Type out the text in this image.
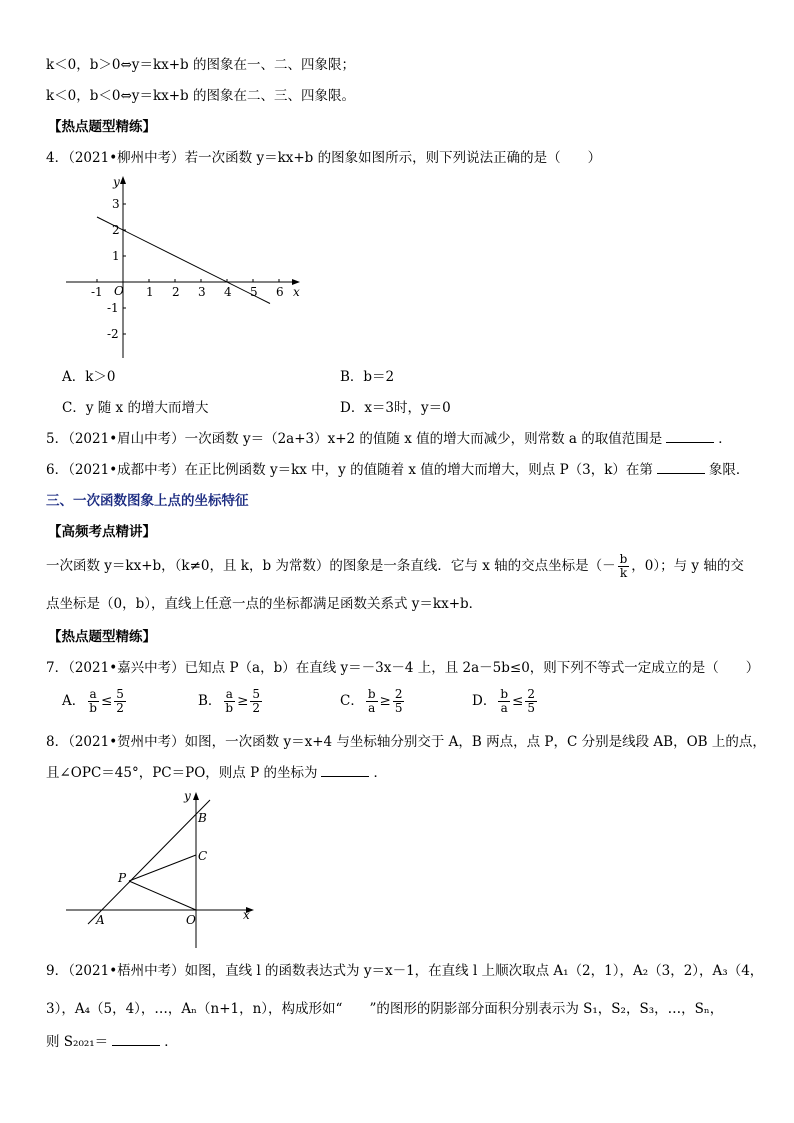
k＜0，b＞0⇔y＝kx+b 的图象在一、二、四象限；
k＜0，b＜0⇔y＝kx+b 的图象在二、三、四象限。
【热点题型精练】
4．（2021•柳州中考）若一次函数 y＝kx+b 的图象如图所示，则下列说法正确的是（　　）
-1	1 2 3 4 5 6
3
2
1
-1
-2
O	x
y
A．k＞0	B．b＝2
C．y 随 x 的增大而增大	D．x＝3时，y＝0
5．（2021•眉山中考）一次函数 y＝（2a+3）x+2 的值随 x 值的增大而减少，则常数 a 的取值范围是	．
6．（2021•成都中考）在正比例函数 y＝kx 中，y 的值随着 x 值的增大而增大，则点 P（3，k）在第	象限．
三、一次函数图象上点的坐标特征
【高频考点精讲】
一次函数 y＝kx+b，（k≠0，且 k，b 为常数）的图象是一条直线．它与 x 轴的交点坐标是（－ $\frac{b}{k}$ ，0）；与 y 轴的交
点坐标是（0，b），直线上任意一点的坐标都满足函数关系式 y＝kx+b．
【热点题型精练】
7．（2021•嘉兴中考）已知点 P（a，b）在直线 y＝－3x－4 上，且 2a－5b≤0，则下列不等式一定成立的是（　　）
A． $\frac{a}{b} \le \frac{5}{2}$	B． $\frac{a}{b} \ge \frac{5}{2}$	C． $\frac{b}{a} \ge \frac{2}{5}$	D． $\frac{b}{a} \le \frac{2}{5}$
8．（2021•贺州中考）如图，一次函数 y＝x+4 与坐标轴分别交于 A，B 两点，点 P，C 分别是线段 AB，OB 上的点，
且∠OPC＝45°，PC＝PO，则点 P 的坐标为	．
y
x
B
C
P
A	O
9．（2021•梧州中考）如图，直线 l 的函数表达式为 y＝x－1，在直线 l 上顺次取点 A₁（2，1），A₂（3，2），A₃（4，
3），A₄（5，4），…，Aₙ（n+1，n），构成形如“　　”的图形的阴影部分面积分别表示为 S₁，S₂，S₃，…，Sₙ，
则 S₂₀₂₁＝	．
